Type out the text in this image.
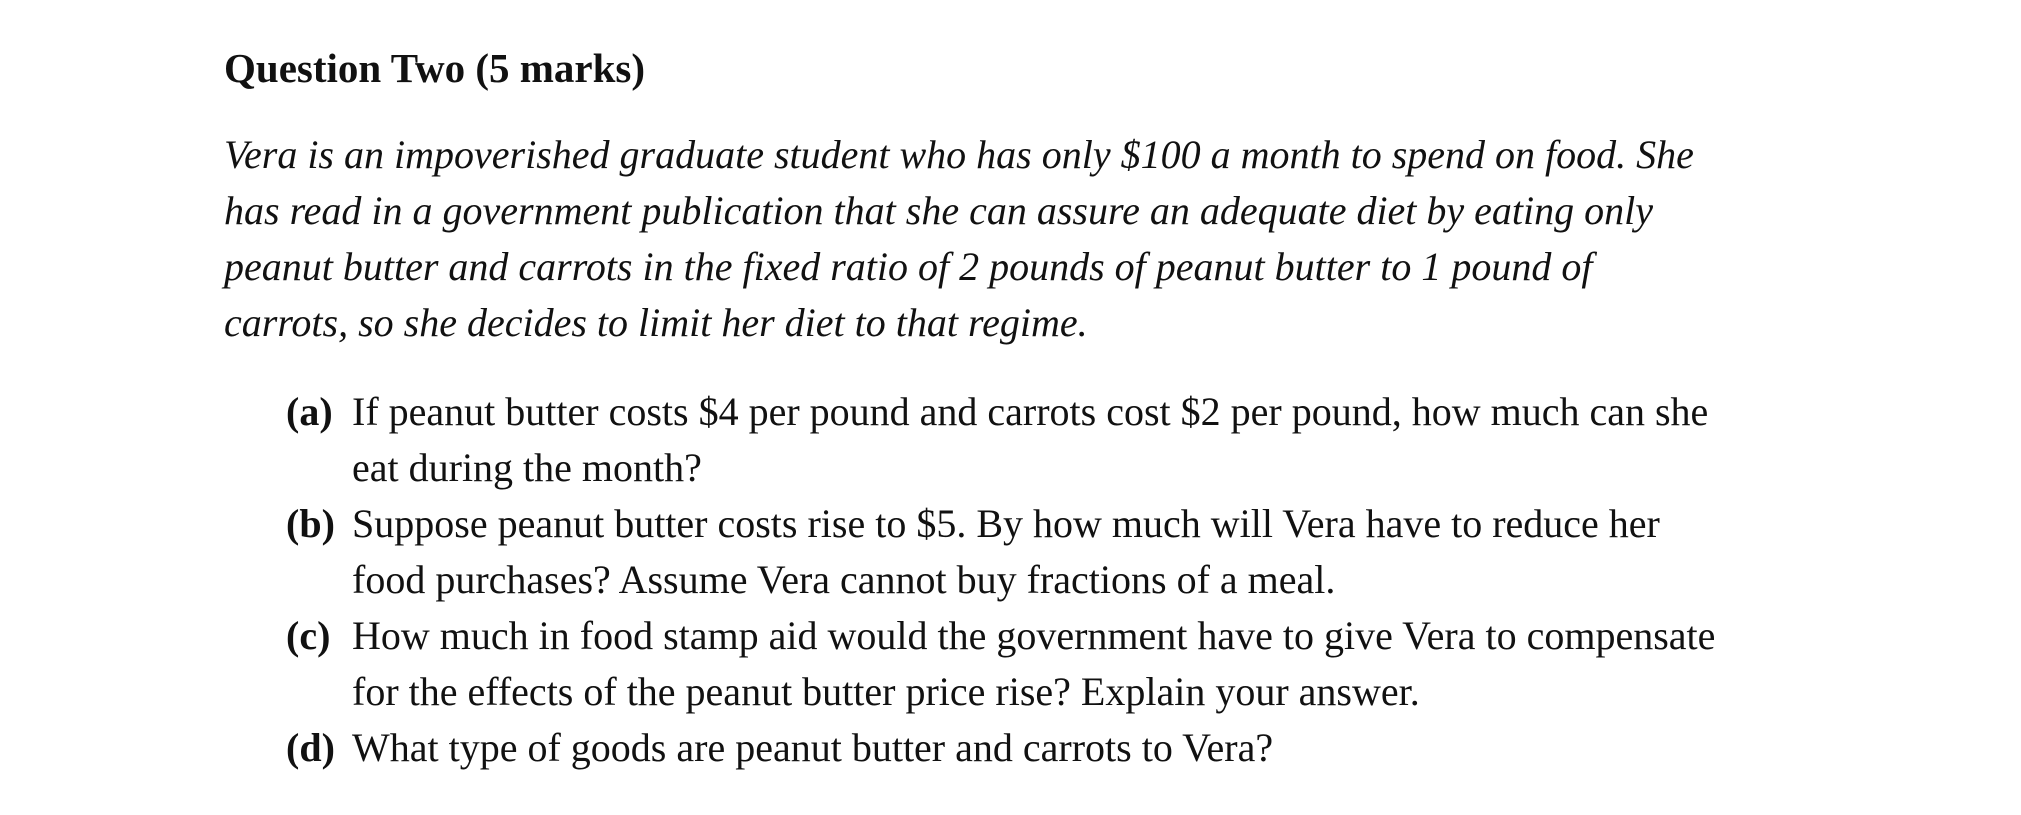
Question Two (5 marks)

Vera is an impoverished graduate student who has only $100 a month to spend on food. She
has read in a government publication that she can assure an adequate diet by eating only
peanut butter and carrots in the fixed ratio of 2 pounds of peanut butter to 1 pound of
carrots, so she decides to limit her diet to that regime.

(a) If peanut butter costs $4 per pound and carrots cost $2 per pound, how much can she
eat during the month?
(b) Suppose peanut butter costs rise to $5. By how much will Vera have to reduce her
food purchases? Assume Vera cannot buy fractions of a meal.
(c) How much in food stamp aid would the government have to give Vera to compensate
for the effects of the peanut butter price rise? Explain your answer.
(d) What type of goods are peanut butter and carrots to Vera?
